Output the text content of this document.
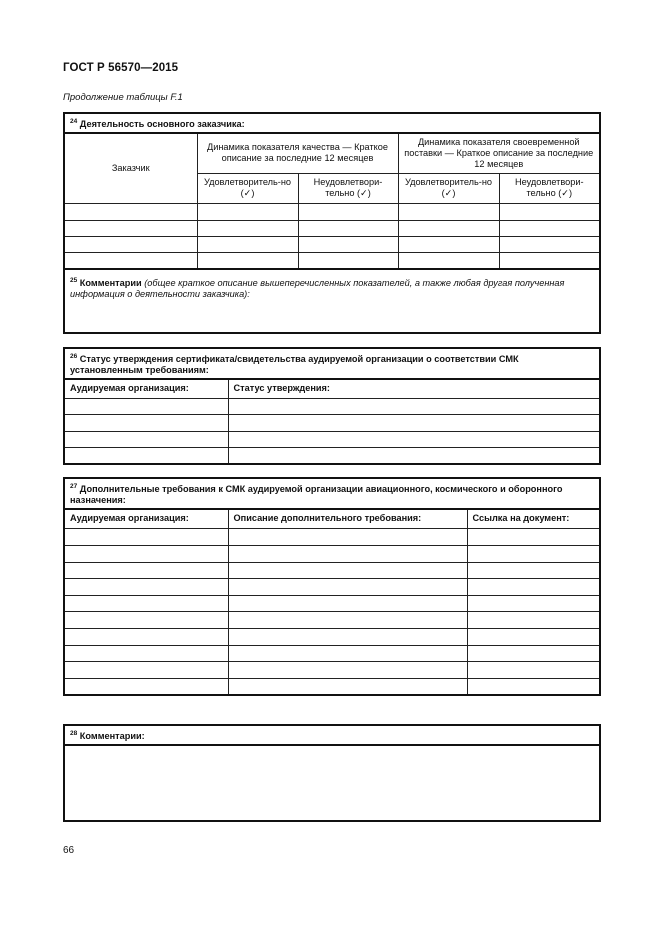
ГОСТ Р 56570—2015
Продолжение таблицы F.1
$^{24}$ Деятельность основного заказчика:				
Заказчик	Динамика показателя качества — Краткое описание за последние 12 месяцев		Динамика показателя своевременной поставки — Краткое описание за последние 12 месяцев	
	Удовлетворитель-но (✓)	Неудовлетвори-тельно (✓)	Удовлетворитель-но (✓)	Неудовлетвори-тельно (✓)

$^{25}$ Комментарии (общее краткое описание вышеперечисленных показателей, а также любая другая полученная информация о деятельности заказчика):				
$^{26}$ Статус утверждения сертификата/свидетельства аудируемой организации о соответствии СМК установленным требованиям:	
Аудируемая организация:	Статус утверждения:

$^{27}$ Дополнительные требования к СМК аудируемой организации авиационного, космического и оборонного назначения:		
Аудируемая организация:	Описание дополнительного требования:	Ссылка на документ:

$^{28}$ Комментарии:

66
